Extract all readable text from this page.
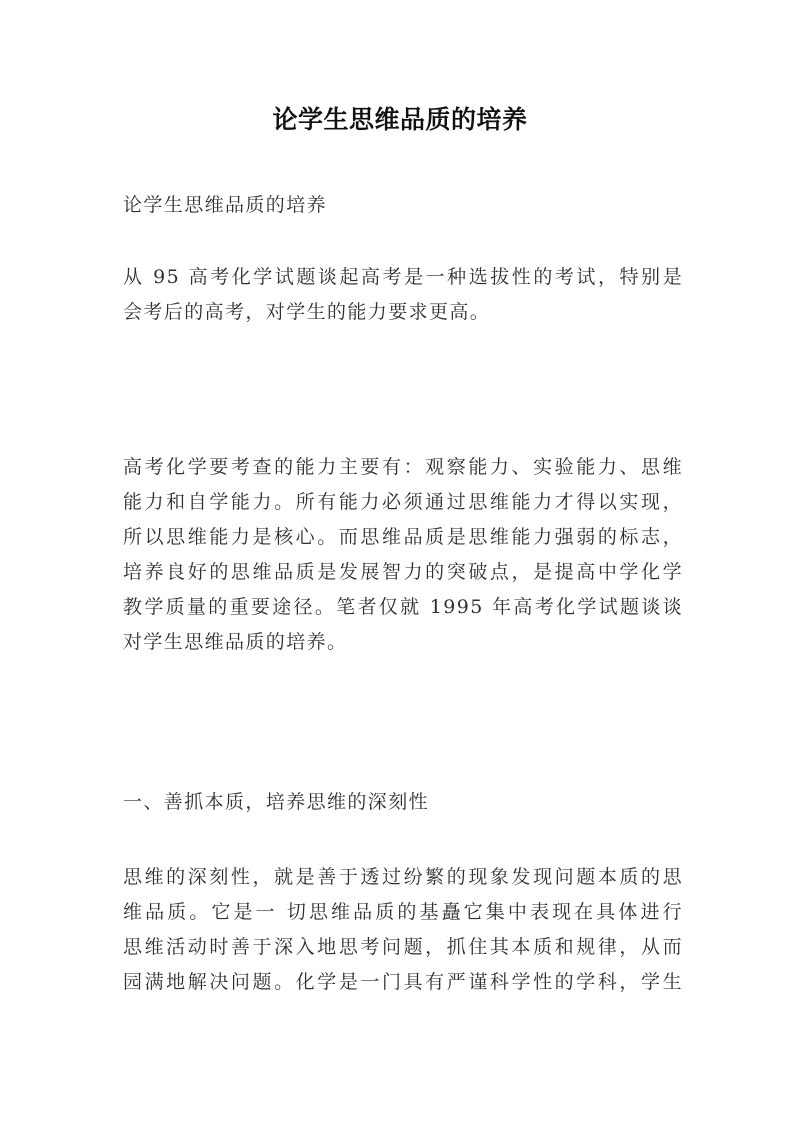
论学生思维品质的培养
论学生思维品质的培养
从 95 高考化学试题谈起高考是一种选拔性的考试，特别是
会考后的高考，对学生的能力要求更高。
高考化学要考查的能力主要有：观察能力、实验能力、思维
能力和自学能力。所有能力必须通过思维能力才得以实现，
所以思维能力是核心。而思维品质是思维能力强弱的标志，
培养良好的思维品质是发展智力的突破点，是提高中学化学
教学质量的重要途径。笔者仅就 1995 年高考化学试题谈谈
对学生思维品质的培养。
一、善抓本质，培养思维的深刻性
思维的深刻性，就是善于透过纷繁的现象发现问题本质的思
维品质。它是一 切思维品质的基矗它集中表现在具体进行
思维活动时善于深入地思考问题，抓住其本质和规律，从而
园满地解决问题。化学是一门具有严谨科学性的学科，学生
